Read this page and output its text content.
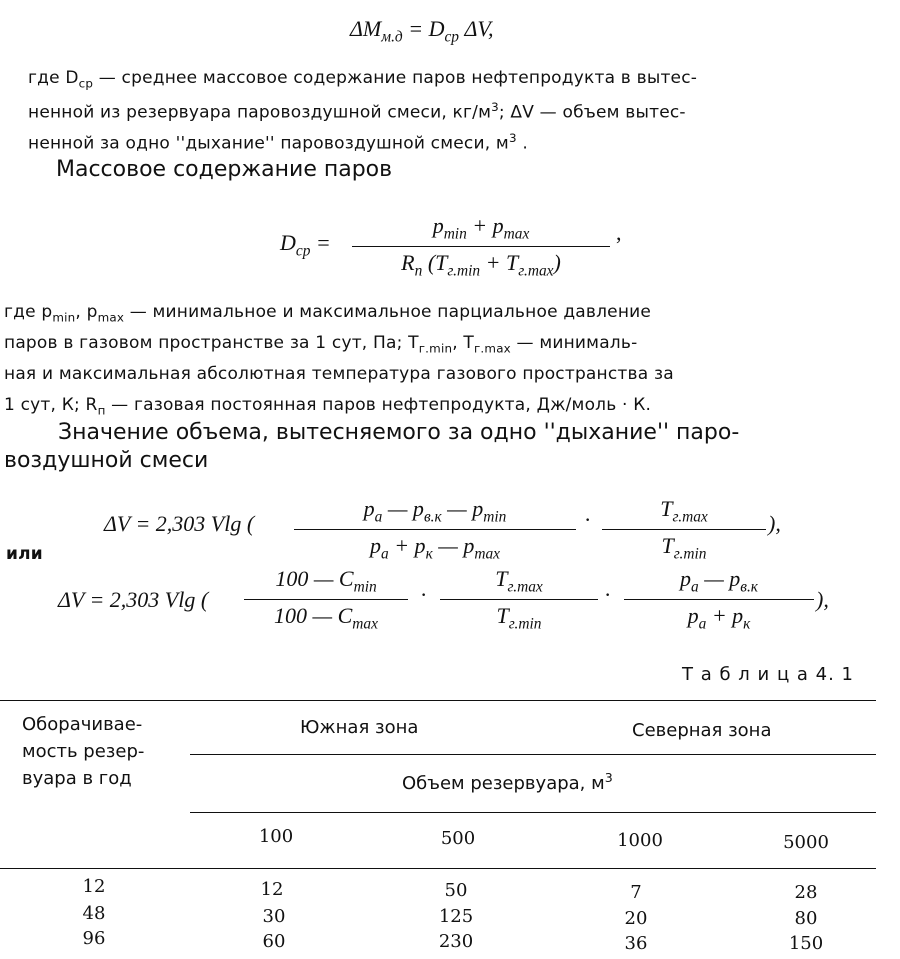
$\Delta M_{м.д} = D_{ср}$ ΔV,
где $D_{ср}$ — среднее массовое содержание паров нефтепродукта в вытес-
ненной из резервуара паровоздушной смеси, $кг/м^3$; ΔV — объем вытес-
ненной за одно ''дыхание'' паровоздушной смеси, $м^3$ .
Массовое содержание паров
$D_{ср}$ =
$p_{min} + p_{max}$
$R_п$ $(T_{г.min} + T_{г.max})$
,
где $p_{min}$, $p_{max}$ — минимальное и максимальное парциальное давление
паров в газовом пространстве за 1 сут, Па; $T_{г.min}$, $T_{г.max}$ — минималь-
ная и максимальная абсолютная температура газового пространства за
1 сут, К; $R_п$ — газовая постоянная паров нефтепродукта, Дж/моль · К.
Значение объема, вытесняемого за одно ''дыхание'' паро-
воздушной смеси
ΔV = 2,303 Vlg (
$p_а$ — $p_{в.к}$ — $p_{min}$
$p_а + p_к$ — $p_{max}$
·	$T_{г.max}$
$T_{г.min}$
),
или
ΔV = 2,303 Vlg (
100 — $C_{min}$
100 — $C_{max}$
·
$T_{г.max}$
$T_{г.min}$
·
$p_а$ — $p_{в.к}$
$p_а + p_к$
),
Т а б л и ц а 4. 1
Оборачивае-
мость резер-
вуара в год
Южная зона	Северная зона
Объем резервуара, $м^3$
100	500	1000	5000
12	12	50	7	28
48	30	125	20	80
96	60	230	36	150
